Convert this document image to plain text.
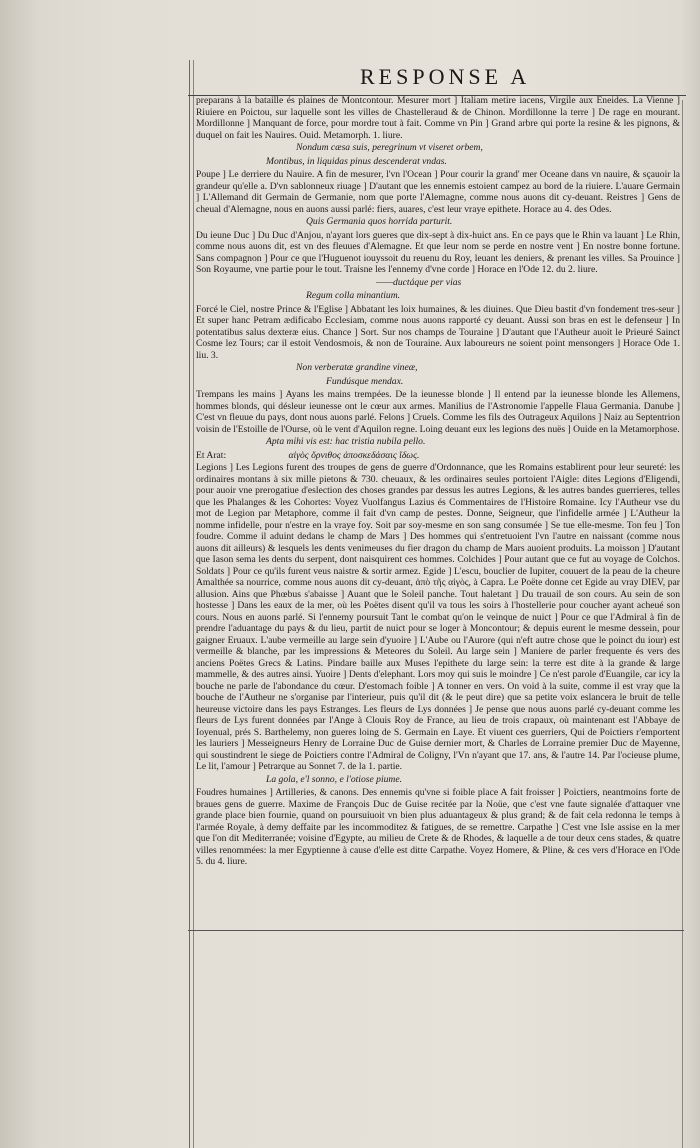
RESPONSE A

preparans à la bataille és plaines de Montcontour. Mesurer mort ] Italiam metire iacens, Virgile aux Eneides. La Vienne ] Riuiere en Poictou, sur laquelle sont les villes de Chastelleraud & de Chinon. Mordillonne la terre ] De rage en mourant. Mordillonne ] Manquant de force, pour mordre tout à fait. Comme vn Pin ] Grand arbre qui porte la resine & les pignons, & duquel on fait les Nauires. Ouid. Metamorph. 1. liure.

Nondum cæsa suis, peregrinum vt viseret orbem,
Montibus, in liquidas pinus descenderat vndas.

Poupe ] Le derriere du Nauire. A fin de mesurer, l'vn l'Ocean ] Pour courir la grand' mer Oceane dans vn nauire, & sçauoir la grandeur qu'elle a. D'vn sablonneux riuage ] D'autant que les ennemis estoient campez au bord de la riuiere. L'auare Germain ] L'Allemand dit Germain de Germanie, nom que porte l'Alemagne, comme nous auons dit cy-deuant. Reistres ] Gens de cheual d'Alemagne, nous en auons aussi parlé: fiers, auares, c'est leur vraye epithete. Horace au 4. des Odes.

Quis Germania quos horrida parturit.

Du ieune Duc ] Du Duc d'Anjou, n'ayant lors gueres que dix-sept à dix-huict ans. En ce pays que le Rhin va lauant ] Le Rhin, comme nous auons dit, est vn des fleuues d'Alemagne. Et que leur nom se perde en nostre vent ] En nostre bonne fortune. Sans compagnon ] Pour ce que l'Huguenot iouyssoit du reuenu du Roy, leuant les deniers, & prenant les villes. Sa Prouince ] Son Royaume, vne partie pour le tout. Traisne les l'ennemy d'vne corde ] Horace en l'Ode 12. du 2. liure.

——ductáque per vias
Regum colla minantium.

Forcé le Ciel, nostre Prince & l'Eglise ] Abbatant les loix humaines, & les diuines. Que Dieu bastit d'vn fondement tres-seur ] Et super hanc Petram ædificabo Ecclesiam, comme nous auons rapporté cy deuant. Aussi son bras en est le defenseur ] In potentatibus salus dexteræ eius. Chance ] Sort. Sur nos champs de Touraine ] D'autant que l'Autheur auoit le Prieuré Sainct Cosme lez Tours; car il estoit Vendosmois, & non de Touraine. Aux laboureurs ne soient point mensongers ] Horace Ode 1. liu. 3.

Non verberatæ grandine vineæ,
Fundúsque mendax.

Trempans les mains ] Ayans les mains trempées. De la ieunesse blonde ] Il entend par la ieunesse blonde les Allemens, hommes blonds, qui désleur ieunesse ont le cœur aux armes. Manilius de l'Astronomie l'appelle Flaua Germania. Danube ] C'est vn fleuue du pays, dont nous auons parlé. Felons ] Cruels. Comme les fils des Outrageux Aquilons ] Naiz au Septentrion voisin de l'Estoille de l'Ourse, où le vent d'Aquilon regne. Loing deuant eux les legions des nuës ] Ouide en la Metamorphose.

Apta mihi vis est: hac tristia nubila pello.

Et Arat:	αἰγὸς ὄρνιθος ἀποσκεδάσαις ἴδως.

Legions ] Les Legions furent des troupes de gens de guerre d'Ordonnance, que les Romains establirent pour leur seureté: les ordinaires montans à six mille pietons & 730. cheuaux, & les ordinaires seules portoient l'Aigle: dites Legions d'Eligendi, pour auoir vne prerogatiue d'eslection des choses grandes par dessus les autres Legions, & les autres bandes guerrieres, telles que les Phalanges & les Cohortes: Voyez Vuolfangus Lazius és Commentaires de l'Histoire Romaine. Icy l'Autheur vse du mot de Legion par Metaphore, comme il fait d'vn camp de pestes. Donne, Seigneur, que l'infidelle armée ] L'Autheur la nomme infidelle, pour n'estre en la vraye foy. Soit par soy-mesme en son sang consumée ] Se tue elle-mesme. Ton feu ] Ton foudre. Comme il aduint dedans le champ de Mars ] Des hommes qui s'entretuoient l'vn l'autre en naissant (comme nous auons dit ailleurs) & lesquels les dents venimeuses du fier dragon du champ de Mars auoient produits. La moisson ] D'autant que Iason sema les dents du serpent, dont naisquirent ces hommes. Colchides ] Pour autant que ce fut au voyage de Colchos. Soldats ] Pour ce qu'ils furent veus naistre & sortir armez. Egide ] L'escu, bouclier de Iupiter, couuert de la peau de la cheure Amalthée sa nourrice, comme nous auons dit cy-deuant, ἀπὸ τῆς αἰγὸς, à Capra. Le Poëte donne cet Egide au vray DIEV, par allusion. Ains que Phœbus s'abaisse ] Auant que le Soleil panche. Tout haletant ] Du trauail de son cours. Au sein de son hostesse ] Dans les eaux de la mer, où les Poëtes disent qu'il va tous les soirs à l'hostellerie pour coucher ayant acheué son cours. Nous en auons parlé. Si l'ennemy poursuit Tant le combat qu'on le veinque de nuict ] Pour ce que l'Admiral à fin de prendre l'aduantage du pays & du lieu, partit de nuict pour se loger à Moncontour; & depuis eurent le mesme dessein, pour gaigner Eruaux. L'aube vermeille au large sein d'yuoire ] L'Aube ou l'Aurore (qui n'eft autre chose que le poinct du iour) est vermeille & blanche, par les impressions & Meteores du Soleil. Au large sein ] Maniere de parler frequente és vers des anciens Poëtes Grecs & Latins. Pindare baille aux Muses l'epithete du large sein: la terre est dite à la grande & large mammelle, & des autres ainsi. Yuoire ] Dents d'elephant. Lors moy qui suis le moindre ] Ce n'est parole d'Euangile, car icy la bouche ne parle de l'abondance du cœur. D'estomach foible ] A tonner en vers. On void à la suite, comme il est vray que la bouche de l'Autheur ne s'organise par l'interieur, puis qu'il dit (& le peut dire) que sa petite voix eslancera le bruit de telle heureuse victoire dans les pays Estranges. Les fleurs de Lys données ] Je pense que nous auons parlé cy-deuant comme les fleurs de Lys furent données par l'Ange à Clouis Roy de France, au lieu de trois crapaux, où maintenant est l'Abbaye de Ioyenual, prés S. Barthelemy, non gueres loing de S. Germain en Laye. Et viuent ces guerriers, Qui de Poictiers r'emportent les lauriers ] Messeigneurs Henry de Lorraine Duc de Guise dernier mort, & Charles de Lorraine premier Duc de Mayenne, qui soustindrent le siege de Poictiers contre l'Admiral de Coligny, l'Vn n'ayant que 17. ans, & l'autre 14. Par l'ocieuse plume, Le lit, l'amour ] Petrarque au Sonnet 7. de la 1. partie.

La gola, e'l sonno, e l'otiose piume.

Foudres humaines ] Artilleries, & canons. Des ennemis qu'vne si foible place A fait froisser ] Poictiers, neantmoins forte de braues gens de guerre. Maxime de François Duc de Guise recitée par la Noüe, que c'est vne faute signalée d'attaquer vne grande place bien fournie, quand on poursuiuoit vn bien plus aduantageux & plus grand; & de fait cela redonna le temps à l'armée Royale, à demy deffaite par les incommoditez & fatigues, de se remettre. Carpathe ] C'est vne Isle assise en la mer que l'on dit Mediterranée; voisine d'Egypte, au milieu de Crete & de Rhodes, & laquelle a de tour deux cens stades, & quatre villes renommées: la mer Egyptienne à cause d'elle est ditte Carpathe. Voyez Homere, & Pline, & ces vers d'Horace en l'Ode 5. du 4. liure.
